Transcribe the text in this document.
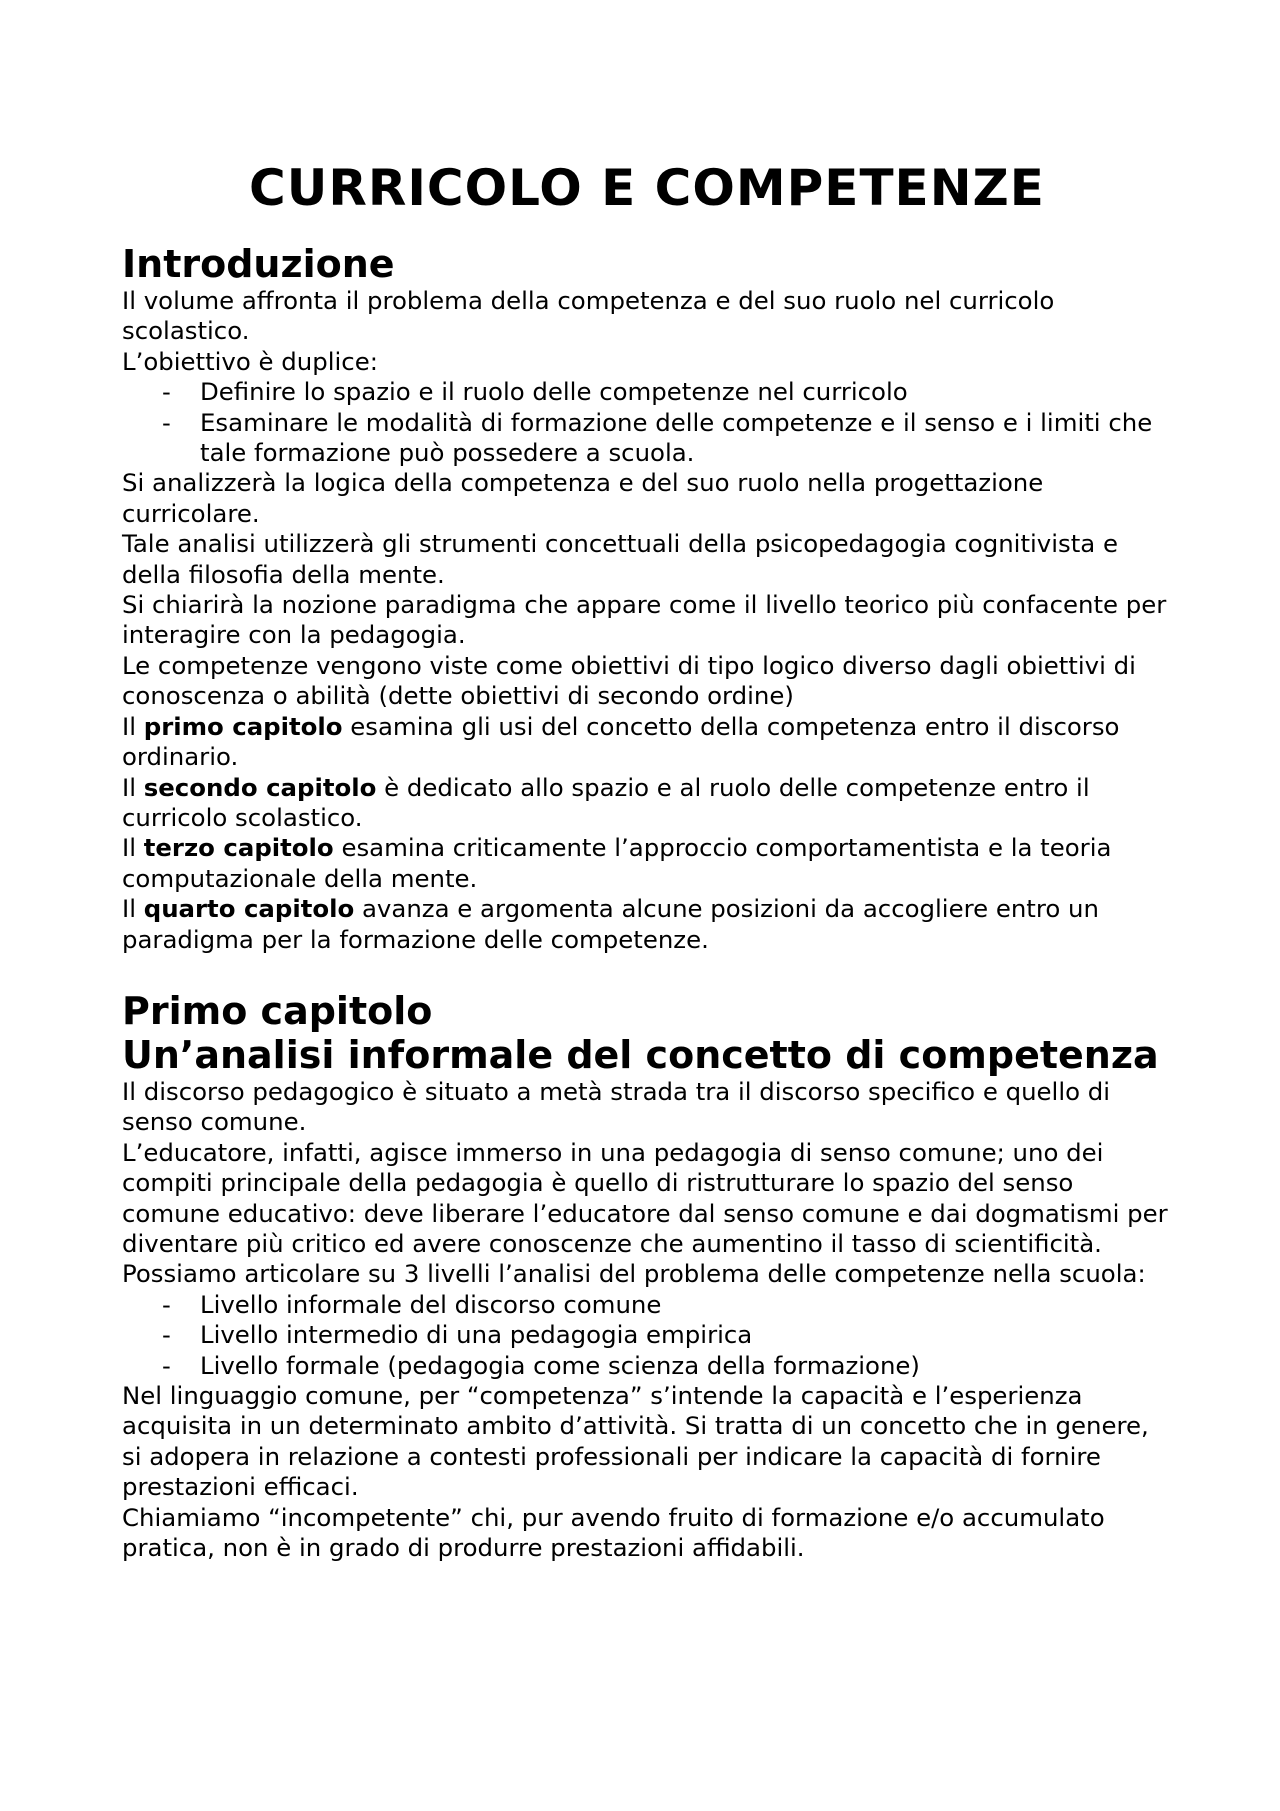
CURRICOLO E COMPETENZE
Introduzione

Il volume affronta il problema della competenza e del suo ruolo nel curricolo scolastico.

L’obiettivo è duplice:

- Definire lo spazio e il ruolo delle competenze nel curricolo
- Esaminare le modalità di formazione delle competenze e il senso e i limiti che tale formazione può possedere a scuola.

Si analizzerà la logica della competenza e del suo ruolo nella progettazione curricolare.

Tale analisi utilizzerà gli strumenti concettuali della psicopedagogia cognitivista e della filosofia della mente.

Si chiarirà la nozione paradigma che appare come il livello teorico più confacente per interagire con la pedagogia.

Le competenze vengono viste come obiettivi di tipo logico diverso dagli obiettivi di conoscenza o abilità (dette obiettivi di secondo ordine)

Il primo capitolo esamina gli usi del concetto della competenza entro il discorso ordinario.

Il secondo capitolo è dedicato allo spazio e al ruolo delle competenze entro il curricolo scolastico.

Il terzo capitolo esamina criticamente l’approccio comportamentista e la teoria computazionale della mente.

Il quarto capitolo avanza e argomenta alcune posizioni da accogliere entro un paradigma per la formazione delle competenze.

Primo capitolo
Un’analisi informale del concetto di competenza

Il discorso pedagogico è situato a metà strada tra il discorso specifico e quello di senso comune.

L’educatore, infatti, agisce immerso in una pedagogia di senso comune; uno dei compiti principale della pedagogia è quello di ristrutturare lo spazio del senso comune educativo: deve liberare l’educatore dal senso comune e dai dogmatismi per diventare più critico ed avere conoscenze che aumentino il tasso di scientificità.

Possiamo articolare su 3 livelli l’analisi del problema delle competenze nella scuola:

- Livello informale del discorso comune
- Livello intermedio di una pedagogia empirica
- Livello formale (pedagogia come scienza della formazione)

Nel linguaggio comune, per “competenza” s’intende la capacità e l’esperienza acquisita in un determinato ambito d’attività. Si tratta di un concetto che in genere, si adopera in relazione a contesti professionali per indicare la capacità di fornire prestazioni efficaci.

Chiamiamo “incompetente” chi, pur avendo fruito di formazione e/o accumulato pratica, non è in grado di produrre prestazioni affidabili.
